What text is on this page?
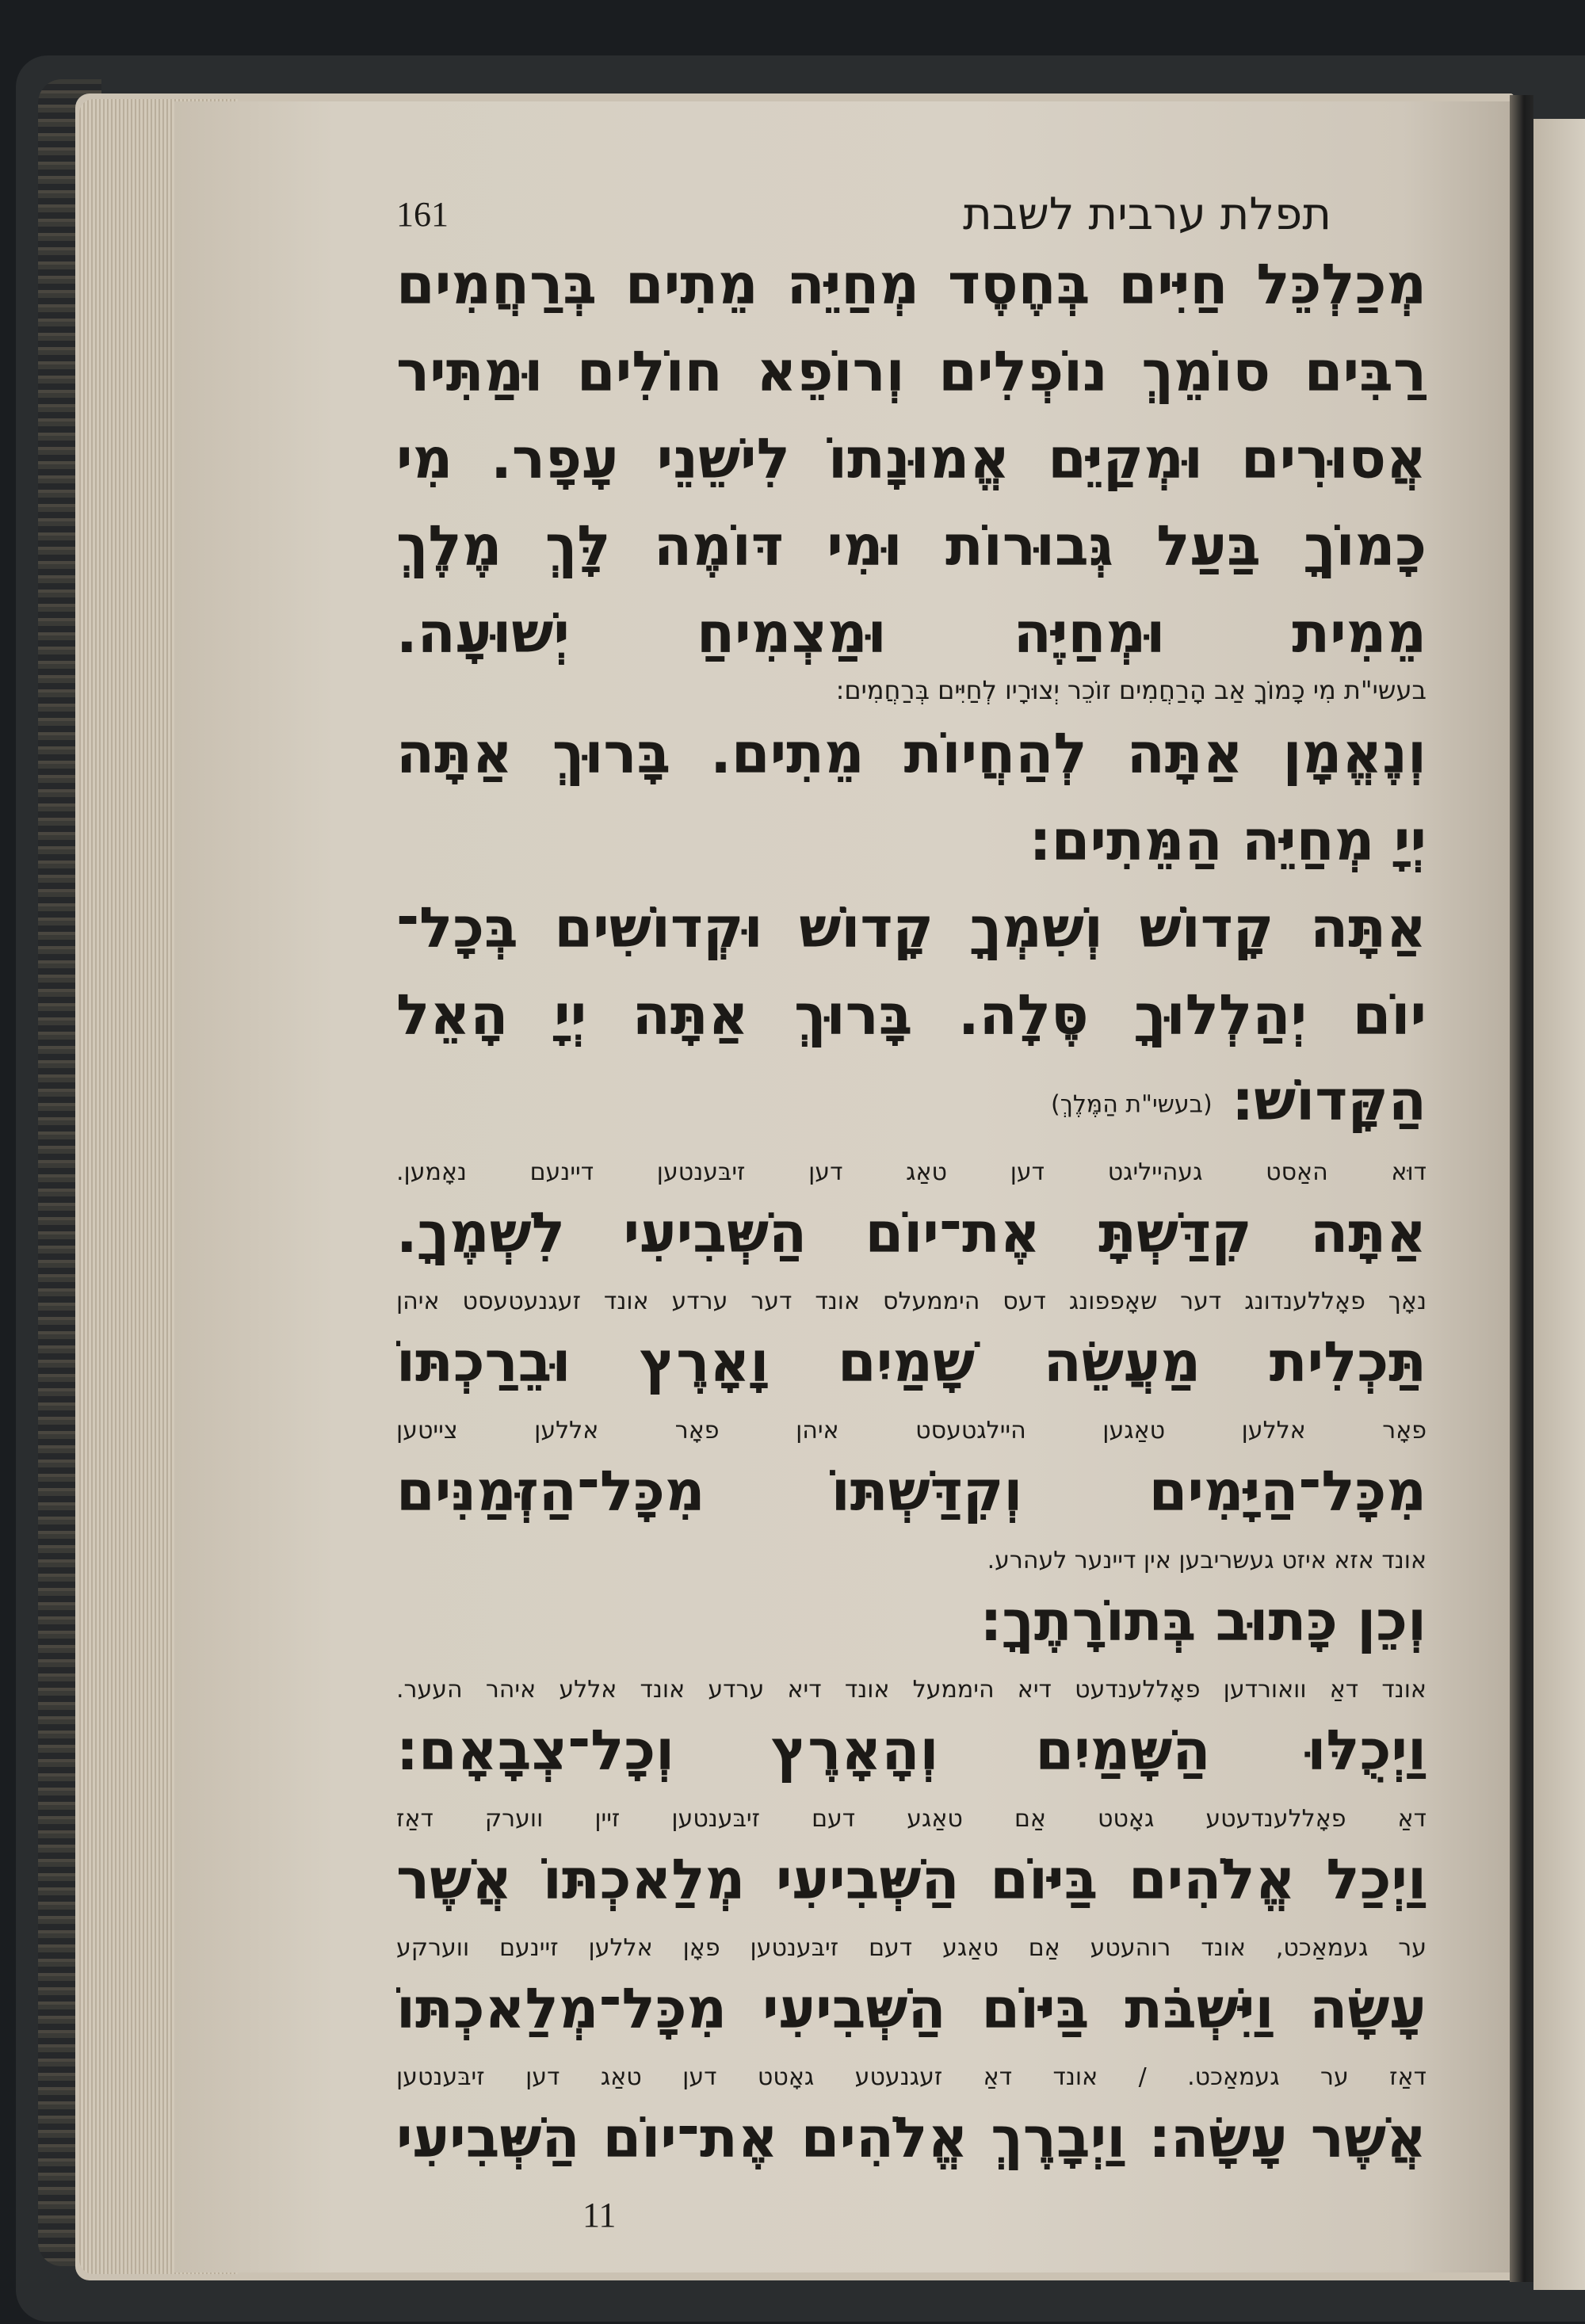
161	תפלת ערבית לשבת
מְכַלְכֵּל חַיִּים בְּחֶסֶד מְחַיֵּה מֵתִים בְּרַחֲמִים
רַבִּים סוֹמֵךְ נוֹפְלִים וְרוֹפֵא חוֹלִים וּמַתִּיר
אֲסוּרִים וּמְקַיֵּם אֱמוּנָתוֹ לִישֵׁנֵי עָפָר. מִי
כָמוֹךָ בַּעַל גְּבוּרוֹת וּמִי דּוֹמֶה לָּךְ מֶלֶךְ
מֵמִית וּמְחַיֶּה וּמַצְמִיחַ יְשׁוּעָה.
בעשי"ת מִי כָמוֹךָ אַב הָרַחֲמִים זוֹכֵר יְצוּרָיו לְחַיִּים בְּרַחֲמִים:
וְנֶאֱמָן אַתָּה לְהַחֲיוֹת מֵתִים. בָּרוּךְ אַתָּה
יְיָ מְחַיֵּה הַמֵּתִים:
אַתָּה קָדוֹשׁ וְשִׁמְךָ קָדוֹשׁ וּקְדוֹשִׁים בְּכָל־
יוֹם יְהַלְלוּךָ סֶּלָה. בָּרוּךְ אַתָּה יְיָ הָאֵל
הַקָּדוֹשׁ: (בעשי"ת הַמֶּלֶךְ)
דוּא האַסט געהייליגט דען טאַג דען זיבּענטען דיינעם נאָמען.
אַתָּה קִדַּשְׁתָּ אֶת־יוֹם הַשְּׁבִיעִי לִשְׁמֶךָ.
נאָך פאָללענדונג דער שאָפפונג דעס היממעלס אונד דער ערדע אונד זעגנעטעסט איהן
תַּכְלִית מַעֲשֵׂה שָׁמַיִם וָאָרֶץ וּבֵרַכְתּוֹ
פאָר אללען טאַגען היילגטעסט איהן פאָר אללען צייטען
מִכָּל־הַיָּמִים וְקִדַּשְׁתּוֹ מִכָּל־הַזְּמַנִּים
אונד אזא איזט געשריבען אין דיינער לעהרע.
וְכֵן כָּתוּב בְּתוֹרָתֶךָ:
אונד דאַ וואורדען פאָללענדעט דיא היממעל אונד דיא ערדע אונד אללע איהר העער.
וַיְכֻלּוּ הַשָּׁמַיִם וְהָאָרֶץ וְכָל־צְבָאָם:
דאַ פאָללענדעטע גאָטט אַם טאַגע דעם זיבּענטען זיין ווערק דאַז
וַיְכַל אֱלֹהִים בַּיּוֹם הַשְּׁבִיעִי מְלַאכְתּוֹ אֲשֶׁר
ער געמאַכט, אונד רוהעטע אַם טאַגע דעם זיבּענטען פאָן אללען זיינעם ווערקע
עָשָׂה וַיִּשְׁבֹּת בַּיּוֹם הַשְּׁבִיעִי מִכָּל־מְלַאכְתּוֹ
דאַז ער געמאַכט. / אונד דאַ זעגנעטע גאָטט דען טאַג דען זיבּענטען
אֲשֶׁר עָשָׂה: וַיְבָרֶךְ אֱלֹהִים אֶת־יוֹם הַשְּׁבִיעִי
11
